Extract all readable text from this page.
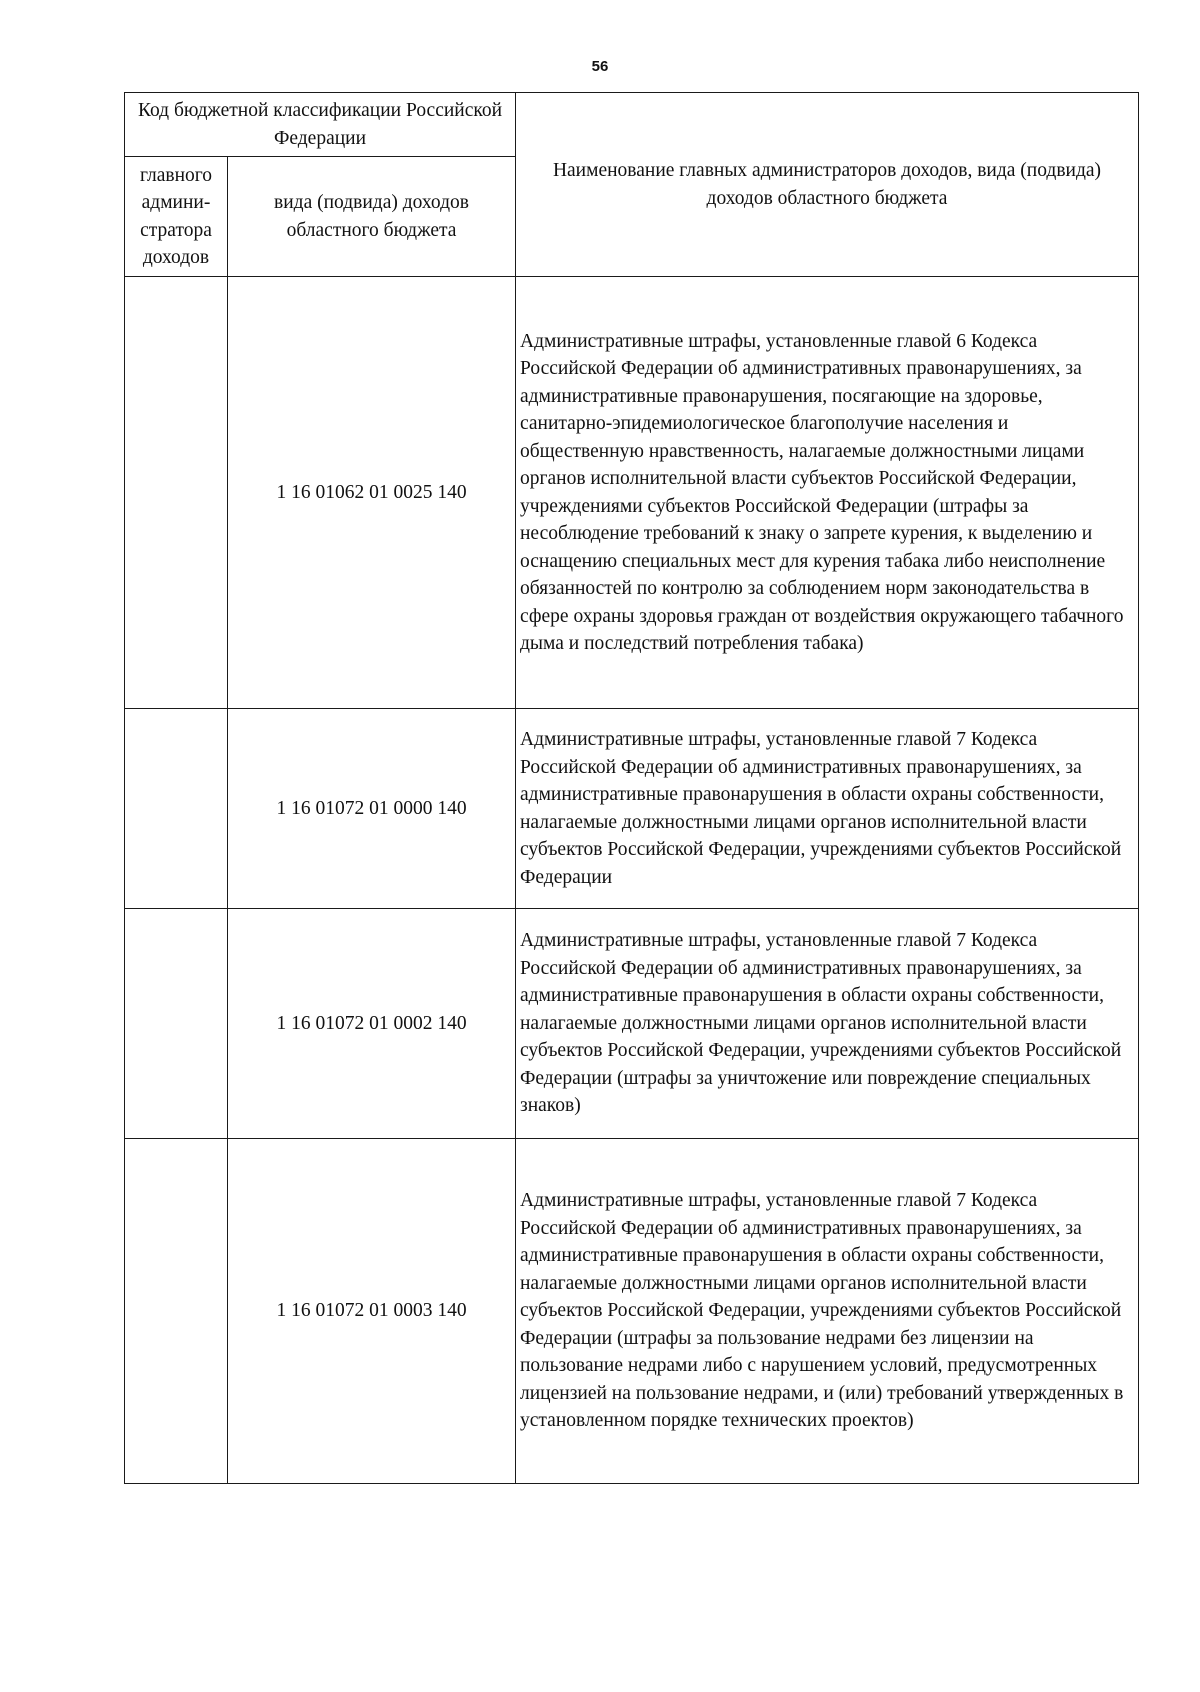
56
Код бюджетной классификации Российской Федерации		Наименование главных администраторов доходов, вида (подвида) доходов областного бюджета
главного админи-стратора доходов	вида (подвида) доходов областного бюджета	
	1 16 01062 01 0025 140	Административные штрафы, установленные главой 6 Кодекса Российской Федерации об административных правонарушениях, за административные правонарушения, посягающие на здоровье, санитарно-эпидемиологическое благополучие населения и общественную нравственность, налагаемые должностными лицами органов исполнительной власти субъектов Российской Федерации, учреждениями субъектов Российской Федерации (штрафы за несоблюдение требований к знаку о запрете курения, к выделению и оснащению специальных мест для курения табака либо неисполнение обязанностей по контролю за соблюдением норм законодательства в сфере охраны здоровья граждан от воздействия окружающего табачного дыма и последствий потребления табака)
	1 16 01072 01 0000 140	Административные штрафы, установленные главой 7 Кодекса Российской Федерации об административных правонарушениях, за административные правонарушения в области охраны собственности, налагаемые должностными лицами органов исполнительной власти субъектов Российской Федерации, учреждениями субъектов Российской Федерации
	1 16 01072 01 0002 140	Административные штрафы, установленные главой 7 Кодекса Российской Федерации об административных правонарушениях, за административные правонарушения в области охраны собственности, налагаемые должностными лицами органов исполнительной власти субъектов Российской Федерации, учреждениями субъектов Российской Федерации (штрафы за уничтожение или повреждение специальных знаков)
	1 16 01072 01 0003 140	Административные штрафы, установленные главой 7 Кодекса Российской Федерации об административных правонарушениях, за административные правонарушения в области охраны собственности, налагаемые должностными лицами органов исполнительной власти субъектов Российской Федерации, учреждениями субъектов Российской Федерации (штрафы за пользование недрами без лицензии на пользование недрами либо с нарушением условий, предусмотренных лицензией на пользование недрами, и (или) требований утвержденных в установленном порядке технических проектов)
